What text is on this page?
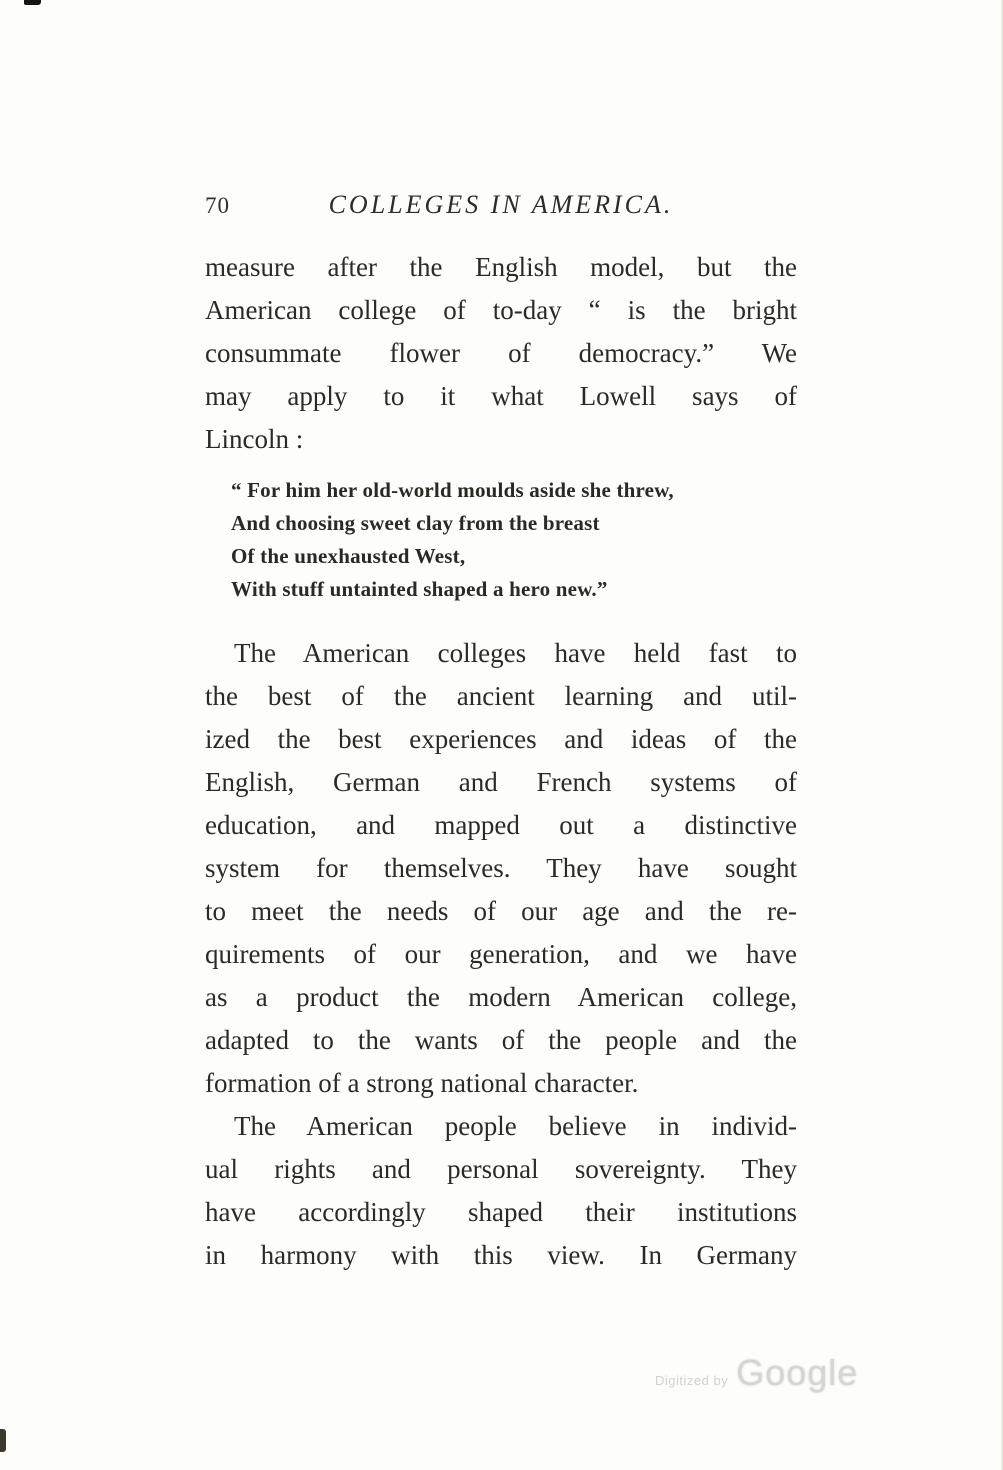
70	COLLEGES IN AMERICA.
measure after the English model, but the
American college of to-day “ is the bright
consummate flower of democracy.” We
may apply to it what Lowell says of
Lincoln :
“ For him her old-world moulds aside she threw,
And choosing sweet clay from the breast
Of the unexhausted West,
With stuff untainted shaped a hero new.”
The American colleges have held fast to
the best of the ancient learning and util-
ized the best experiences and ideas of the
English, German and French systems of
education, and mapped out a distinctive
system for themselves. They have sought
to meet the needs of our age and the re-
quirements of our generation, and we have
as a product the modern American college,
adapted to the wants of the people and the
formation of a strong national character.
The American people believe in individ-
ual rights and personal sovereignty. They
have accordingly shaped their institutions
in harmony with this view. In Germany
Digitized by Google
